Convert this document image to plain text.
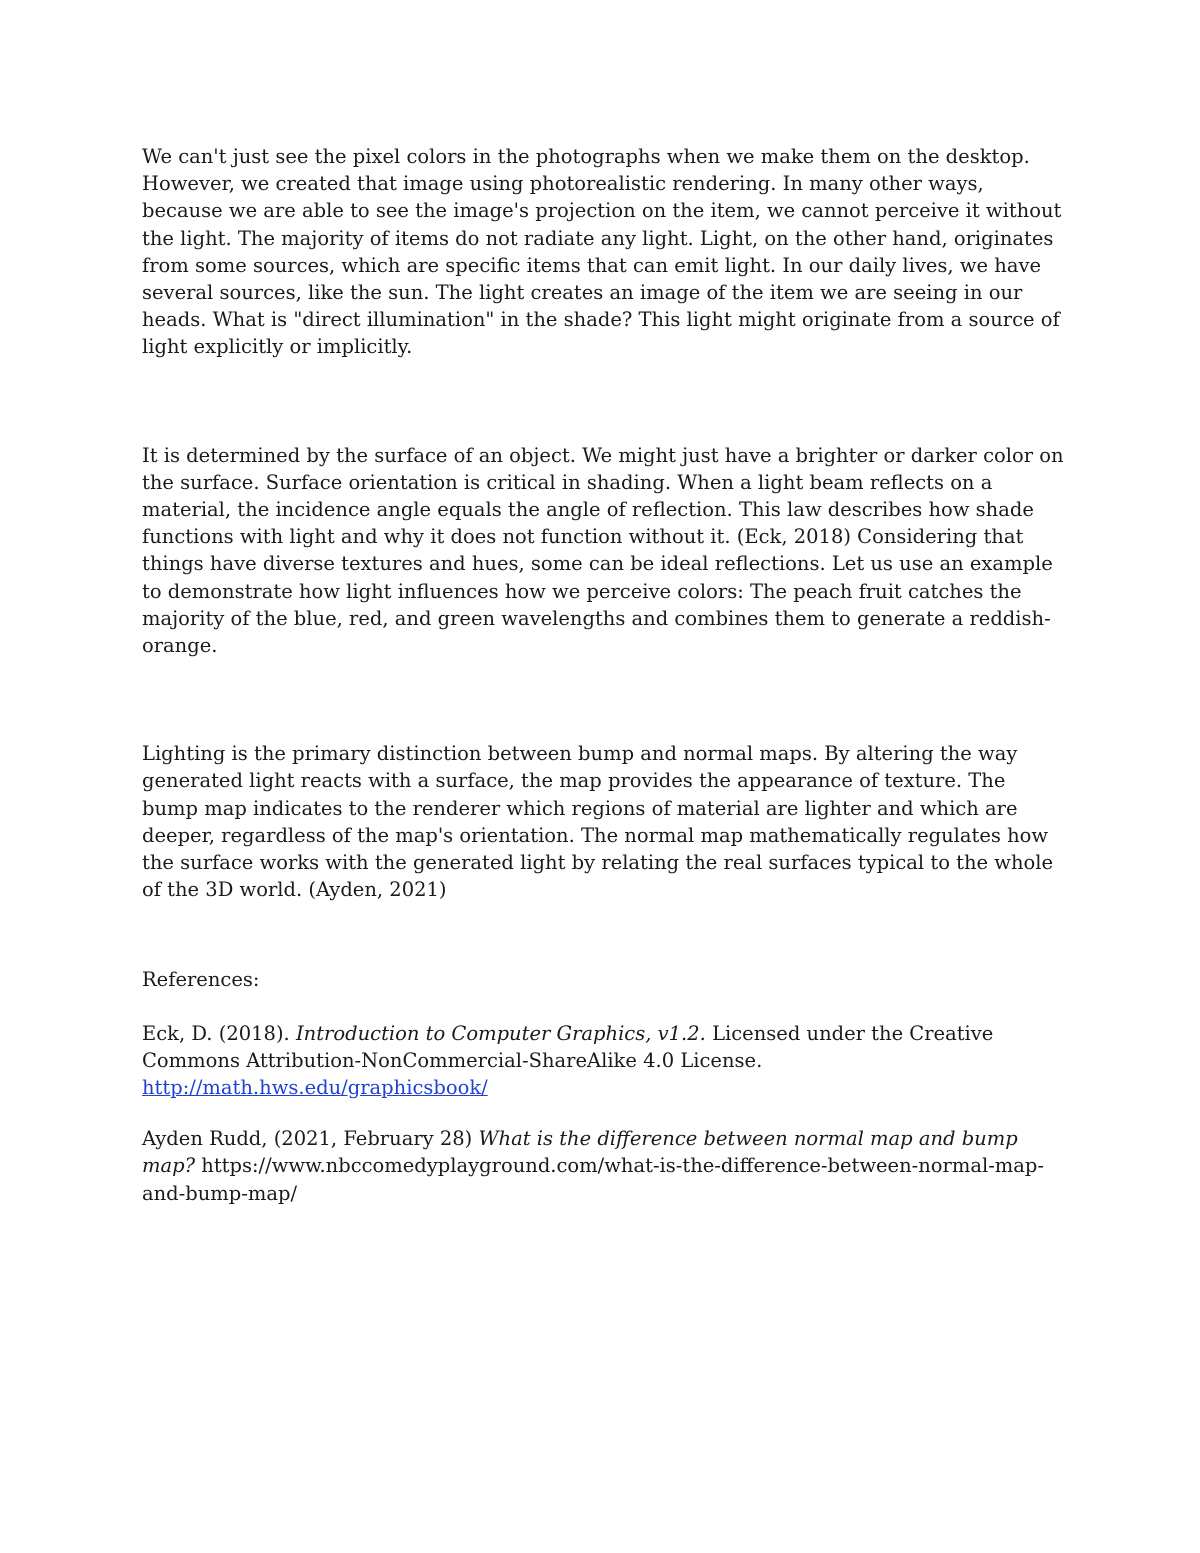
We can't just see the pixel colors in the photographs when we make them on the desktop. However, we created that image using photorealistic rendering. In many other ways, because we are able to see the image's projection on the item, we cannot perceive it without the light. The majority of items do not radiate any light. Light, on the other hand, originates from some sources, which are specific items that can emit light. In our daily lives, we have several sources, like the sun. The light creates an image of the item we are seeing in our heads. What is "direct illumination" in the shade? This light might originate from a source of light explicitly or implicitly.

It is determined by the surface of an object. We might just have a brighter or darker color on the surface. Surface orientation is critical in shading. When a light beam reflects on a material, the incidence angle equals the angle of reflection. This law describes how shade functions with light and why it does not function without it. (Eck, 2018) Considering that things have diverse textures and hues, some can be ideal reflections. Let us use an example to demonstrate how light influences how we perceive colors: The peach fruit catches the majority of the blue, red, and green wavelengths and combines them to generate a reddish-orange.

Lighting is the primary distinction between bump and normal maps. By altering the way generated light reacts with a surface, the map provides the appearance of texture. The bump map indicates to the renderer which regions of material are lighter and which are deeper, regardless of the map's orientation. The normal map mathematically regulates how the surface works with the generated light by relating the real surfaces typical to the whole of the 3D world. (Ayden, 2021)

References:

Eck, D. (2018). Introduction to Computer Graphics, v1.2. Licensed under the Creative Commons Attribution-NonCommercial-ShareAlike 4.0 License. http://math.hws.edu/graphicsbook/

Ayden Rudd, (2021, February 28) What is the difference between normal map and bump map? https://www.nbccomedyplayground.com/what-is-the-difference-between-normal-map-and-bump-map/
